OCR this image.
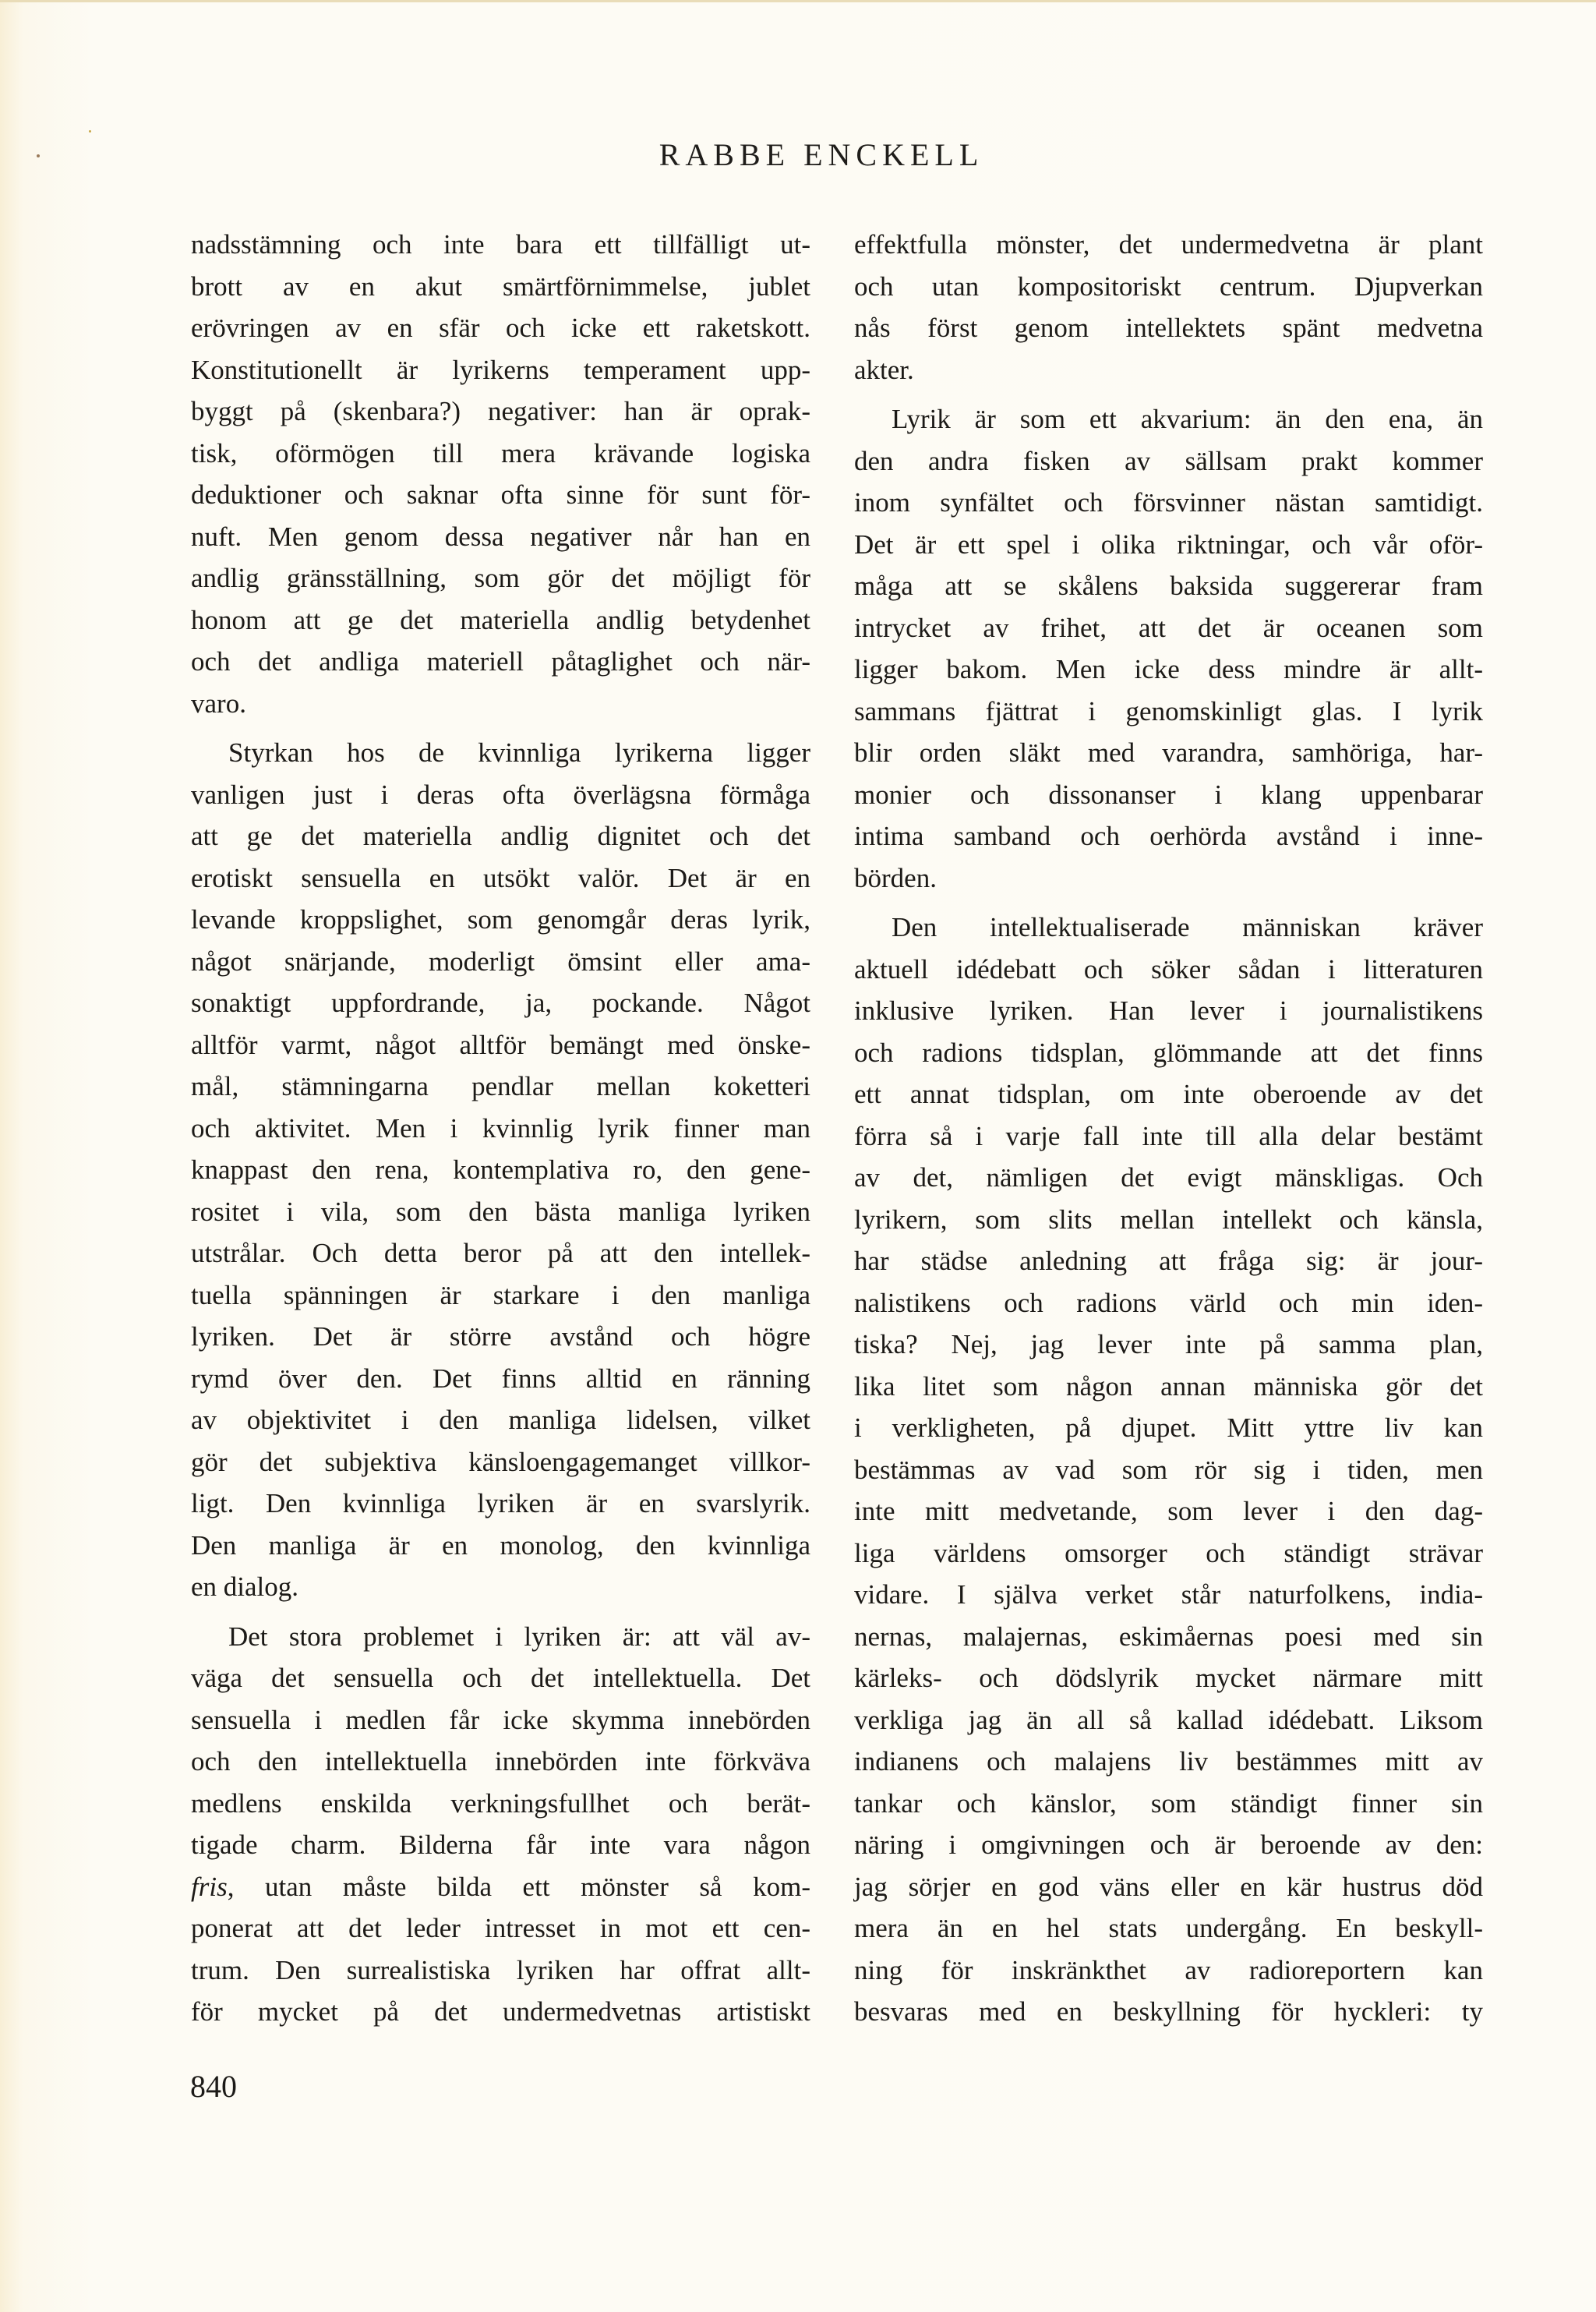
RABBE ENCKELL
nadsstämning och inte bara ett tillfälligt ut-
brott av en akut smärtförnimmelse, jublet
erövringen av en sfär och icke ett raketskott.
Konstitutionellt är lyrikerns temperament upp-
byggt på (skenbara?) negativer: han är oprak-
tisk, oförmögen till mera krävande logiska
deduktioner och saknar ofta sinne för sunt för-
nuft. Men genom dessa negativer når han en
andlig gränsställning, som gör det möjligt för
honom att ge det materiella andlig betydenhet
och det andliga materiell påtaglighet och när-
varo.
Styrkan hos de kvinnliga lyrikerna ligger
vanligen just i deras ofta överlägsna förmåga
att ge det materiella andlig dignitet och det
erotiskt sensuella en utsökt valör. Det är en
levande kroppslighet, som genomgår deras lyrik,
något snärjande, moderligt ömsint eller ama-
sonaktigt uppfordrande, ja, pockande. Något
alltför varmt, något alltför bemängt med önske-
mål, stämningarna pendlar mellan koketteri
och aktivitet. Men i kvinnlig lyrik finner man
knappast den rena, kontemplativa ro, den gene-
rositet i vila, som den bästa manliga lyriken
utstrålar. Och detta beror på att den intellek-
tuella spänningen är starkare i den manliga
lyriken. Det är större avstånd och högre
rymd över den. Det finns alltid en ränning
av objektivitet i den manliga lidelsen, vilket
gör det subjektiva känsloengagemanget villkor-
ligt. Den kvinnliga lyriken är en svarslyrik.
Den manliga är en monolog, den kvinnliga
en dialog.
Det stora problemet i lyriken är: att väl av-
väga det sensuella och det intellektuella. Det
sensuella i medlen får icke skymma innebörden
och den intellektuella innebörden inte förkväva
medlens enskilda verkningsfullhet och berät-
tigade charm. Bilderna får inte vara någon
fris, utan måste bilda ett mönster så kom-
ponerat att det leder intresset in mot ett cen-
trum. Den surrealistiska lyriken har offrat allt-
för mycket på det undermedvetnas artistiskt
effektfulla mönster, det undermedvetna är plant
och utan kompositoriskt centrum. Djupverkan
nås först genom intellektets spänt medvetna
akter.
Lyrik är som ett akvarium: än den ena, än
den andra fisken av sällsam prakt kommer
inom synfältet och försvinner nästan samtidigt.
Det är ett spel i olika riktningar, och vår oför-
måga att se skålens baksida suggererar fram
intrycket av frihet, att det är oceanen som
ligger bakom. Men icke dess mindre är allt-
sammans fjättrat i genomskinligt glas. I lyrik
blir orden släkt med varandra, samhöriga, har-
monier och dissonanser i klang uppenbarar
intima samband och oerhörda avstånd i inne-
börden.
Den intellektualiserade människan kräver
aktuell idédebatt och söker sådan i litteraturen
inklusive lyriken. Han lever i journalistikens
och radions tidsplan, glömmande att det finns
ett annat tidsplan, om inte oberoende av det
förra så i varje fall inte till alla delar bestämt
av det, nämligen det evigt mänskligas. Och
lyrikern, som slits mellan intellekt och känsla,
har städse anledning att fråga sig: är jour-
nalistikens och radions värld och min iden-
tiska? Nej, jag lever inte på samma plan,
lika litet som någon annan människa gör det
i verkligheten, på djupet. Mitt yttre liv kan
bestämmas av vad som rör sig i tiden, men
inte mitt medvetande, som lever i den dag-
liga världens omsorger och ständigt strävar
vidare. I själva verket står naturfolkens, india-
nernas, malajernas, eskimåernas poesi med sin
kärleks- och dödslyrik mycket närmare mitt
verkliga jag än all så kallad idédebatt. Liksom
indianens och malajens liv bestämmes mitt av
tankar och känslor, som ständigt finner sin
näring i omgivningen och är beroende av den:
jag sörjer en god väns eller en kär hustrus död
mera än en hel stats undergång. En beskyll-
ning för inskränkthet av radioreportern kan
besvaras med en beskyllning för hyckleri: ty
840
